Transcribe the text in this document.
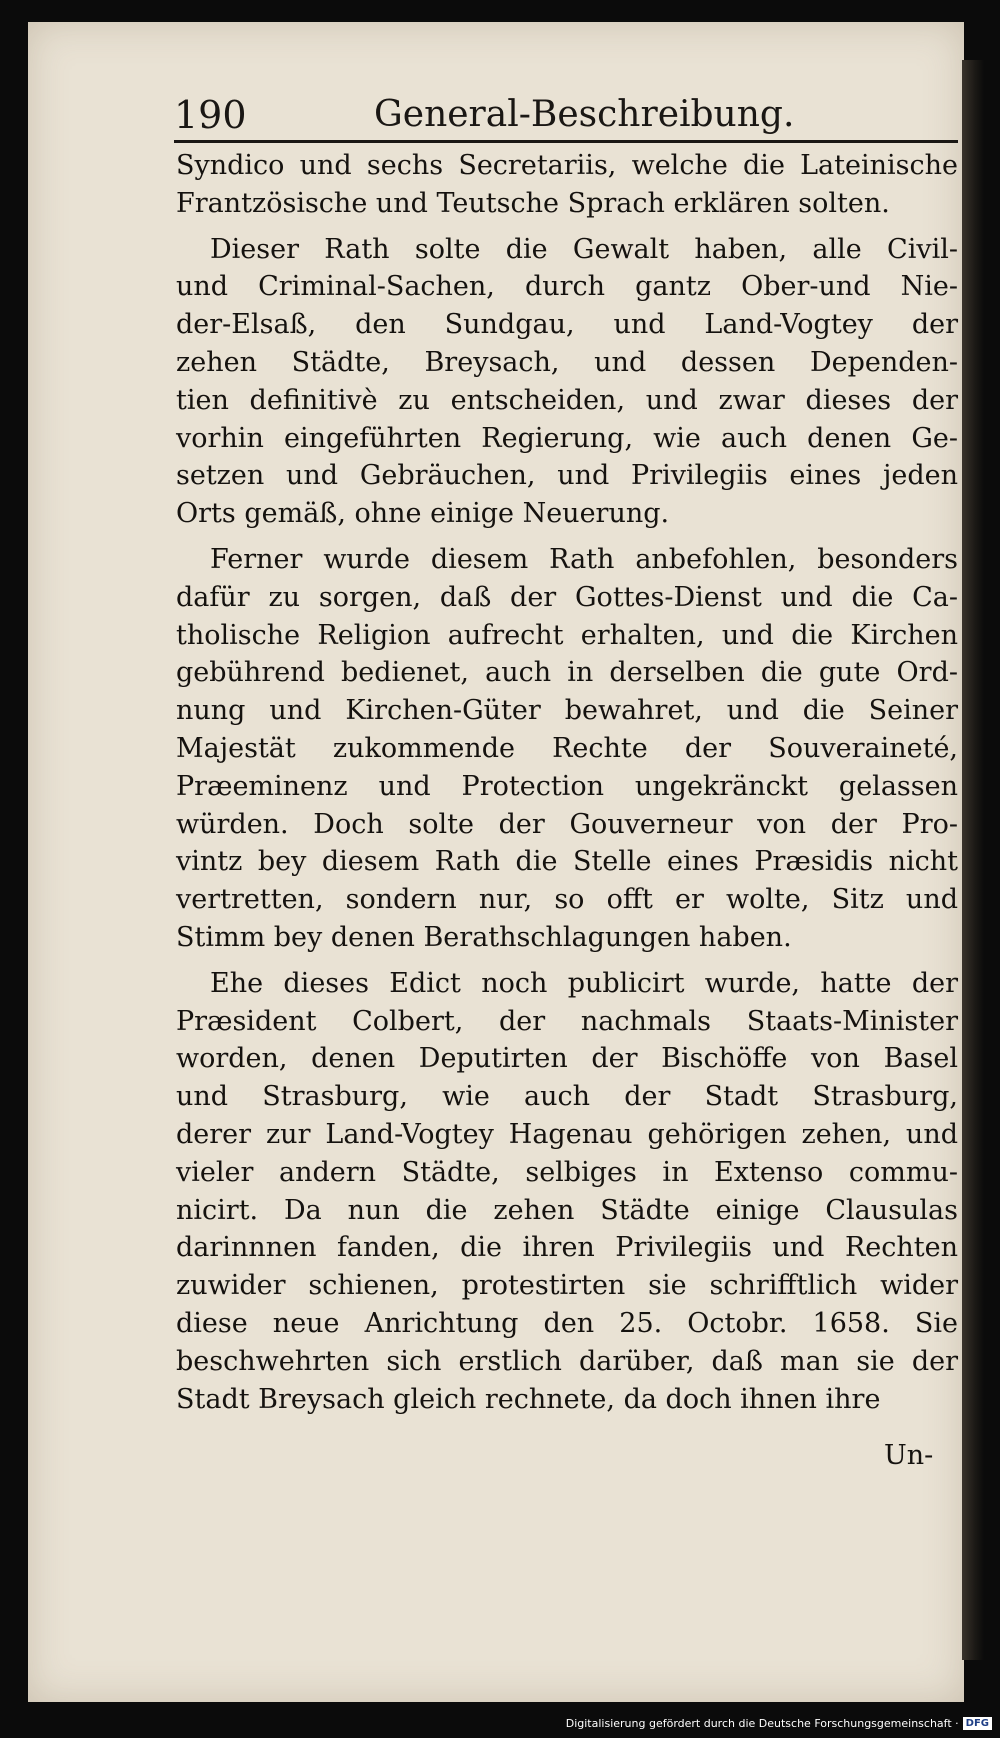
190	General-Beschreibung.
Syndico und sechs Secretariis, welche die Lateinische
Frantzösische und Teutsche Sprach erklären solten.
Dieser Rath solte die Gewalt haben, alle Civil-
und Criminal-Sachen, durch gantz Ober-und Nie-
der-Elsaß, den Sundgau, und Land-Vogtey der
zehen Städte, Breysach, und dessen Dependen-
tien definitivè zu entscheiden, und zwar dieses der
vorhin eingeführten Regierung, wie auch denen Ge-
setzen und Gebräuchen, und Privilegiis eines jeden
Orts gemäß, ohne einige Neuerung.
Ferner wurde diesem Rath anbefohlen, besonders
dafür zu sorgen, daß der Gottes-Dienst und die Ca-
tholische Religion aufrecht erhalten, und die Kirchen
gebührend bedienet, auch in derselben die gute Ord-
nung und Kirchen-Güter bewahret, und die Seiner
Majestät zukommende Rechte der Souveraineté,
Præeminenz und Protection ungekränckt gelassen
würden. Doch solte der Gouverneur von der Pro-
vintz bey diesem Rath die Stelle eines Præsidis nicht
vertretten, sondern nur, so offt er wolte, Sitz und
Stimm bey denen Berathschlagungen haben.
Ehe dieses Edict noch publicirt wurde, hatte der
Præsident Colbert, der nachmals Staats-Minister
worden, denen Deputirten der Bischöffe von Basel
und Strasburg, wie auch der Stadt Strasburg,
derer zur Land-Vogtey Hagenau gehörigen zehen, und
vieler andern Städte, selbiges in Extenso commu-
nicirt. Da nun die zehen Städte einige Clausulas
darinnnen fanden, die ihren Privilegiis und Rechten
zuwider schienen, protestirten sie schrifftlich wider
diese neue Anrichtung den 25. Octobr. 1658. Sie
beschwehrten sich erstlich darüber, daß man sie der
Stadt Breysach gleich rechnete, da doch ihnen ihre
Un-
Digitalisierung gefördert durch die Deutsche Forschungsgemeinschaft · DFG
